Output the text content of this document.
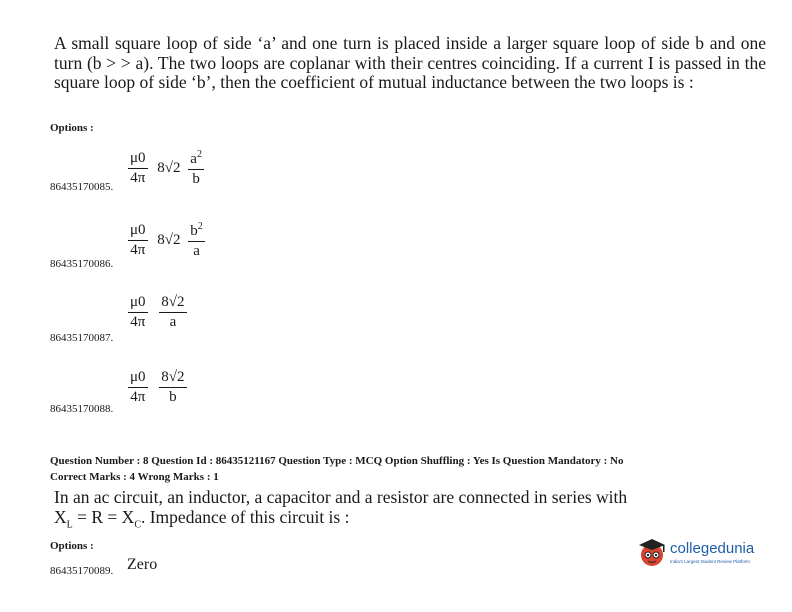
A small square loop of side ‘a’ and one turn is placed inside a larger square loop of side b and one turn (b > > a). The two loops are coplanar with their centres coinciding. If a current I is passed in the square loop of side ‘b’, then the coefficient of mutual inductance between the two loops is :

Options :
$\frac{\mu 0}{4\pi} 8√2 \frac{a^2}{b}$
86435170085.
$\frac{\mu 0}{4\pi} 8√2 \frac{b^2}{a}$
86435170086.
$\frac{\mu 0}{4\pi}$
$\frac{8√2}{a}$
86435170087.
$\frac{\mu 0}{4\pi}$
$\frac{8√2}{b}$
86435170088.
Question Number : 8 Question Id : 86435121167 Question Type : MCQ Option Shuffling : Yes Is Question Mandatory : No
Correct Marks : 4 Wrong Marks : 1

In an ac circuit, an inductor, a capacitor and a resistor are connected in series with

$X_L = R = X_C$. Impedance of this circuit is :

Options :
86435170089. Zero
collegedunia
India's Largest Student Review Platform
